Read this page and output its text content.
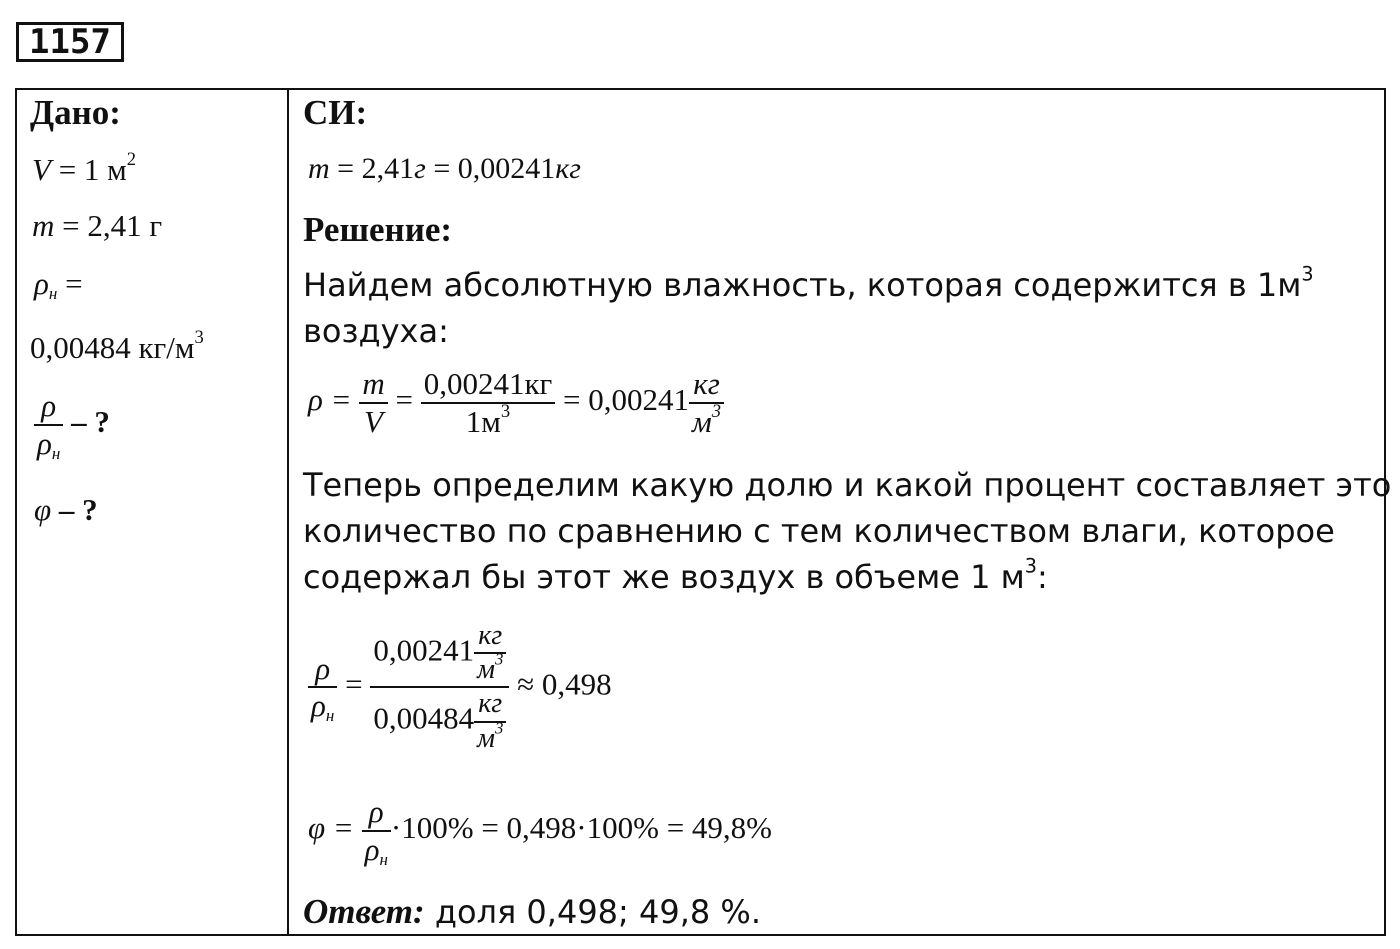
1157
Дано:
V = 1 $м^2$
m = 2,41 г
$\rho_н$ =
0,00484 $кг/м^3$
$\frac{\rho}{\rho_н}$ – ?
φ – ?
СИ:
m = 2,41г = 0,00241кг
Решение:
Найдем абсолютную влажность, которая содержится в $1м^3$
воздуха:
$\rho = \frac{m}{V} = \frac{0,00241кг}{1м^3} = 0,00241 \frac{кг}{м^3}$
Теперь определим какую долю и какой процент составляет это
количество по сравнению с тем количеством влаги, которое
содержал бы этот же воздух в объеме 1 $м^3$:
$\frac{\rho}{\rho_н} = \frac{0,00241 \frac{кг}{м^3}}{0,00484 \frac{кг}{м^3}} \approx 0,498$
$\varphi = \frac{\rho}{\rho_н} \cdot 100\% = 0,498\cdot 100\% = 49,8\%$
Ответ: доля 0,498; 49,8 %.
